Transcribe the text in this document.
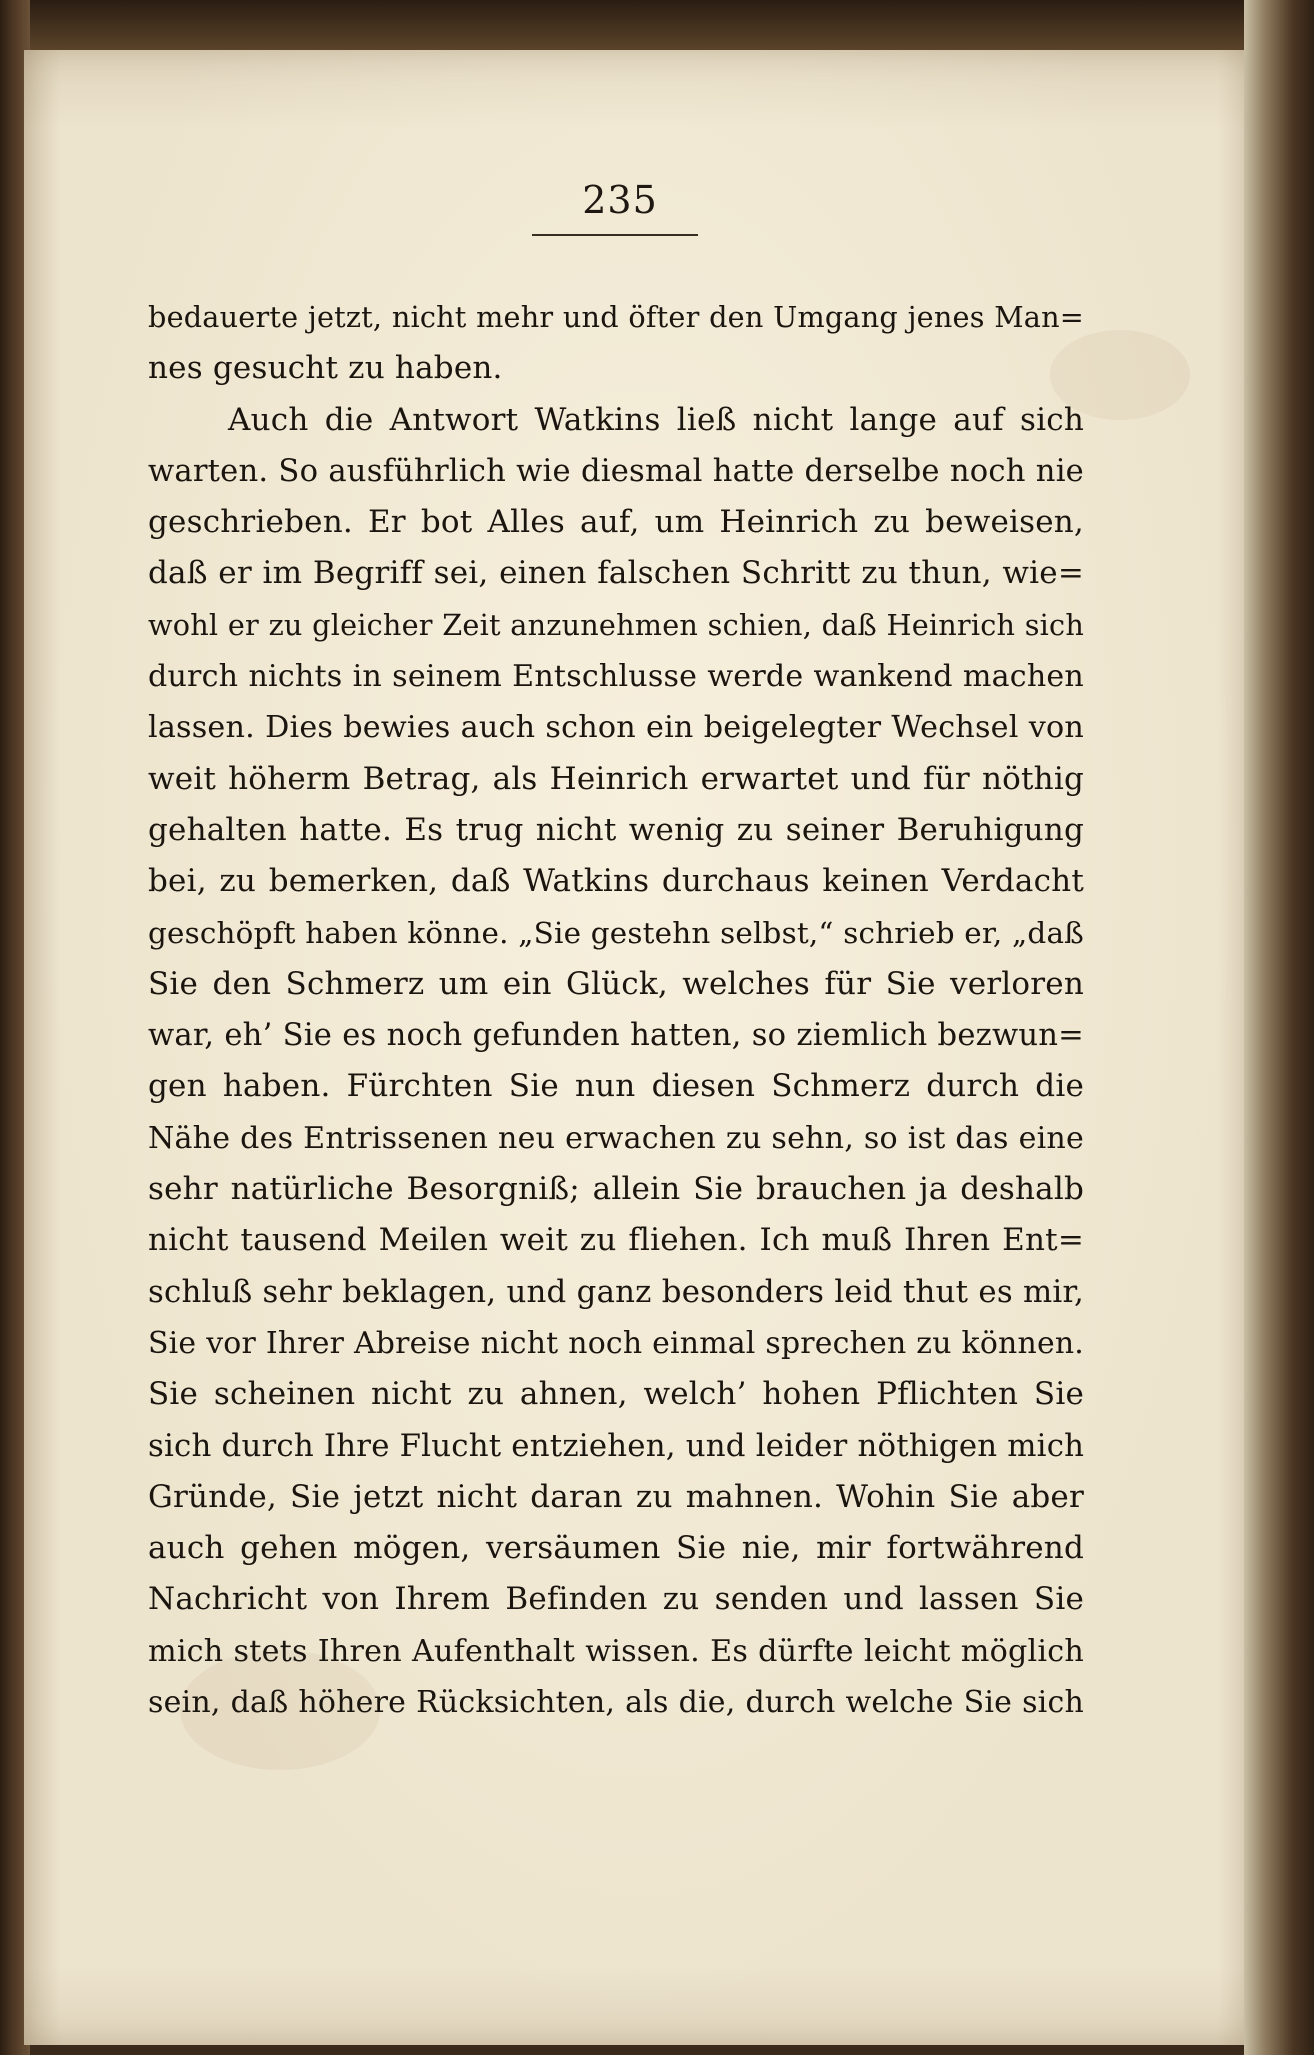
235
bedauerte jetzt, nicht mehr und öfter den Umgang jenes Man=
nes gesucht zu haben.
Auch die Antwort Watkins ließ nicht lange auf sich
warten. So ausführlich wie diesmal hatte derselbe noch nie
geschrieben. Er bot Alles auf, um Heinrich zu beweisen,
daß er im Begriff sei, einen falschen Schritt zu thun, wie=
wohl er zu gleicher Zeit anzunehmen schien, daß Heinrich sich
durch nichts in seinem Entschlusse werde wankend machen
lassen. Dies bewies auch schon ein beigelegter Wechsel von
weit höherm Betrag, als Heinrich erwartet und für nöthig
gehalten hatte. Es trug nicht wenig zu seiner Beruhigung
bei, zu bemerken, daß Watkins durchaus keinen Verdacht
geschöpft haben könne. „Sie gestehn selbst,“ schrieb er, „daß
Sie den Schmerz um ein Glück, welches für Sie verloren
war, eh’ Sie es noch gefunden hatten, so ziemlich bezwun=
gen haben. Fürchten Sie nun diesen Schmerz durch die
Nähe des Entrissenen neu erwachen zu sehn, so ist das eine
sehr natürliche Besorgniß; allein Sie brauchen ja deshalb
nicht tausend Meilen weit zu fliehen. Ich muß Ihren Ent=
schluß sehr beklagen, und ganz besonders leid thut es mir,
Sie vor Ihrer Abreise nicht noch einmal sprechen zu können.
Sie scheinen nicht zu ahnen, welch’ hohen Pflichten Sie
sich durch Ihre Flucht entziehen, und leider nöthigen mich
Gründe, Sie jetzt nicht daran zu mahnen. Wohin Sie aber
auch gehen mögen, versäumen Sie nie, mir fortwährend
Nachricht von Ihrem Befinden zu senden und lassen Sie
mich stets Ihren Aufenthalt wissen. Es dürfte leicht möglich
sein, daß höhere Rücksichten, als die, durch welche Sie sich
